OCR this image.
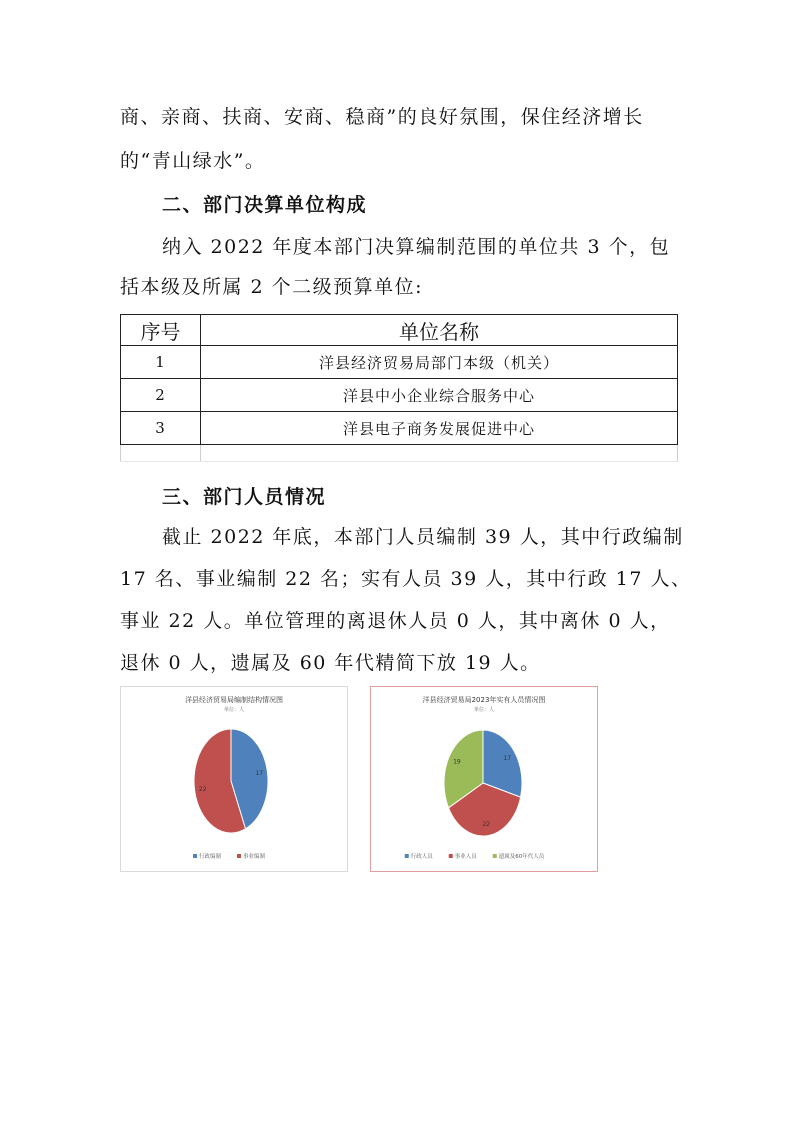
商、亲商、扶商、安商、稳商”的良好氛围，保住经济增长

的“青山绿水”。

二、部门决算单位构成

纳入 2022 年度本部门决算编制范围的单位共 3 个，包

括本级及所属 2 个二级预算单位:

序号	单位名称
1	洋县经济贸易局部门本级（机关）
2	洋县中小企业综合服务中心
3	洋县电子商务发展促进中心

三、部门人员情况

截止 2022 年底，本部门人员编制 39 人，其中行政编制

17 名、事业编制 22 名；实有人员 39 人，其中行政 17 人、

事业 22 人。单位管理的离退休人员 0 人，其中离休 0 人，

退休 0 人，遗属及 60 年代精简下放 19 人。

洋县经济贸易局编制结构情况图
单位：人
17
22
行政编制	事业编制
洋县经济贸易局2023年实有人员情况图
单位：人
17
22
19
行政人员	事业人员	遗属及60年代人员
